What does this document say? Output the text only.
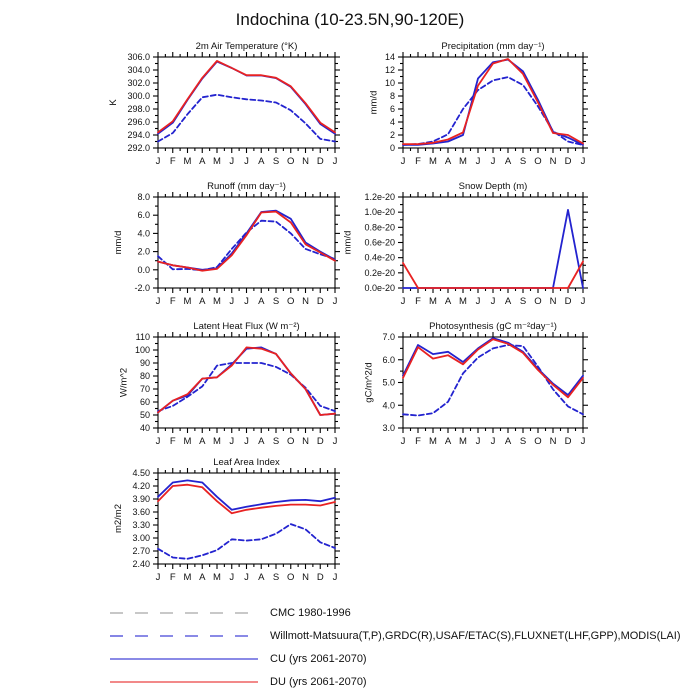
Indochina (10-23.5N,90-120E)
2m Air Temperature (°K)
292.0
294.0
296.0
298.0
300.0
302.0
304.0
306.0
K
J F M A M J J A S O N D J
Precipitation (mm day⁻¹)
0
2
4
6
8
10
12
14
mm/d
J F M A M J J A S O N D J
Runoff (mm day⁻¹)
-2.0
0.0
2.0
4.0
6.0
8.0
mm/d
J F M A M J J A S O N D J
Snow Depth (m)
0.0e-20
0.2e-20
0.4e-20
0.6e-20
0.8e-20
1.0e-20
1.2e-20
mm/d
J F M A M J J A S O N D J
Latent Heat Flux (W m⁻²)
40
50
60
70
80
90
100
110
W/m^2
J F M A M J J A S O N D J
Photosynthesis (gC m⁻²day⁻¹)
3.0
4.0
5.0
6.0
7.0
gC/m^2/d
J F M A M J J A S O N D J
Leaf Area Index
2.40
2.70
3.00
3.30
3.60
3.90
4.20
4.50
m2/m2
J F M A M J J A S O N D J
CMC 1980-1996
Willmott-Matsuura(T,P),GRDC(R),USAF/ETAC(S),FLUXNET(LHF,GPP),MODIS(LAI)
CU (yrs 2061-2070)
DU (yrs 2061-2070)
